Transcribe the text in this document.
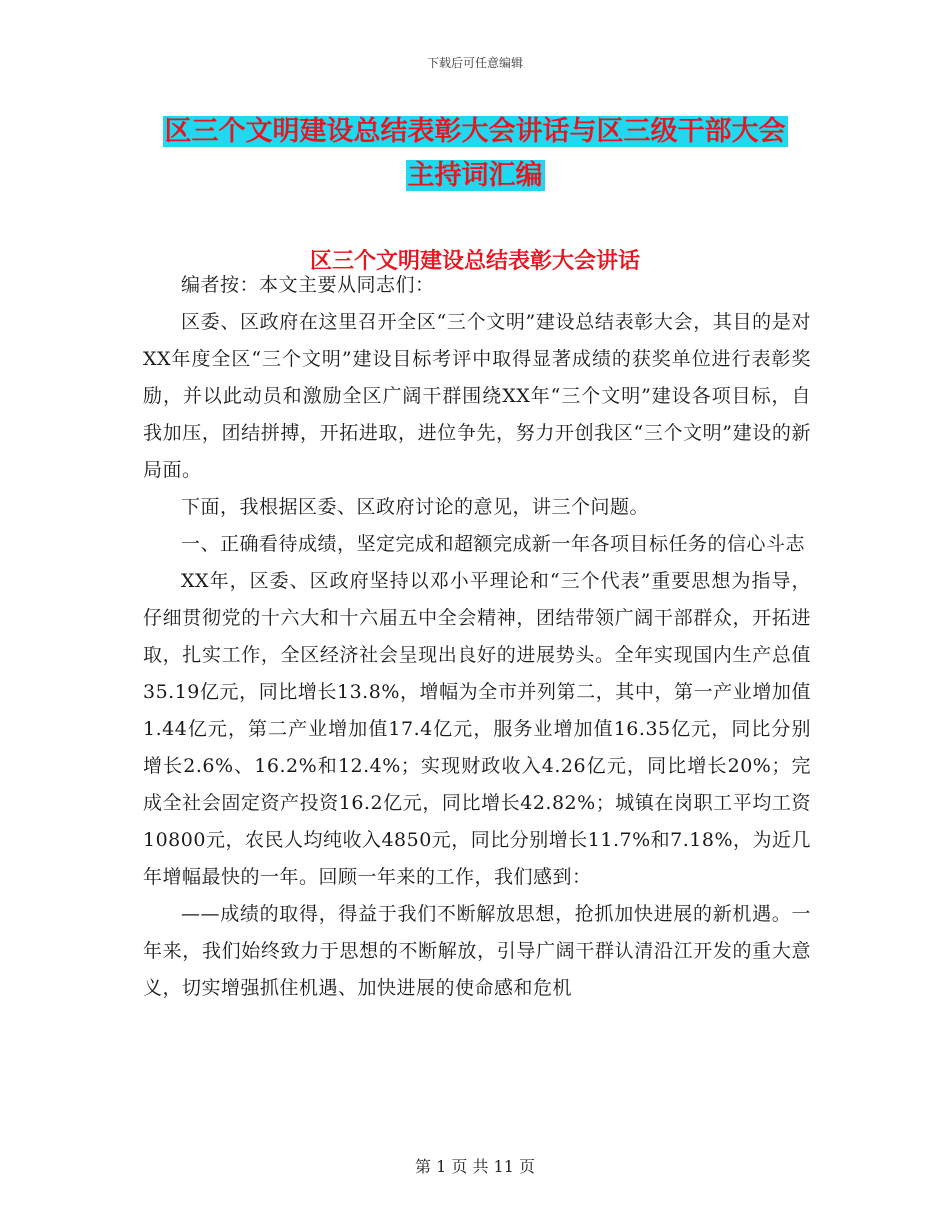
下载后可任意编辑
区三个文明建设总结表彰大会讲话与区三级干部大会
主持词汇编
区三个文明建设总结表彰大会讲话

编者按：本文主要从同志们：

区委、区政府在这里召开全区“三个文明”建设总结表彰大会，其目的是对XX年度全区“三个文明”建设目标考评中取得显著成绩的获奖单位进行表彰奖励，并以此动员和激励全区广阔干群围绕XX年“三个文明”建设各项目标，自我加压，团结拼搏，开拓进取，进位争先，努力开创我区“三个文明”建设的新局面。

下面，我根据区委、区政府讨论的意见，讲三个问题。

一、正确看待成绩，坚定完成和超额完成新一年各项目标任务的信心斗志

XX年，区委、区政府坚持以邓小平理论和“三个代表”重要思想为指导，仔细贯彻党的十六大和十六届五中全会精神，团结带领广阔干部群众，开拓进取，扎实工作，全区经济社会呈现出良好的进展势头。全年实现国内生产总值35.19亿元，同比增长13.8%，增幅为全市并列第二，其中，第一产业增加值1.44亿元，第二产业增加值17.4亿元，服务业增加值16.35亿元，同比分别增长2.6%、16.2%和12.4%；实现财政收入4.26亿元，同比增长20%；完成全社会固定资产投资16.2亿元，同比增长42.82%；城镇在岗职工平均工资10800元，农民人均纯收入4850元，同比分别增长11.7%和7.18%，为近几年增幅最快的一年。回顾一年来的工作，我们感到：

——成绩的取得，得益于我们不断解放思想，抢抓加快进展的新机遇。一年来，我们始终致力于思想的不断解放，引导广阔干群认清沿江开发的重大意义，切实增强抓住机遇、加快进展的使命感和危机

第 1 页 共 11 页
